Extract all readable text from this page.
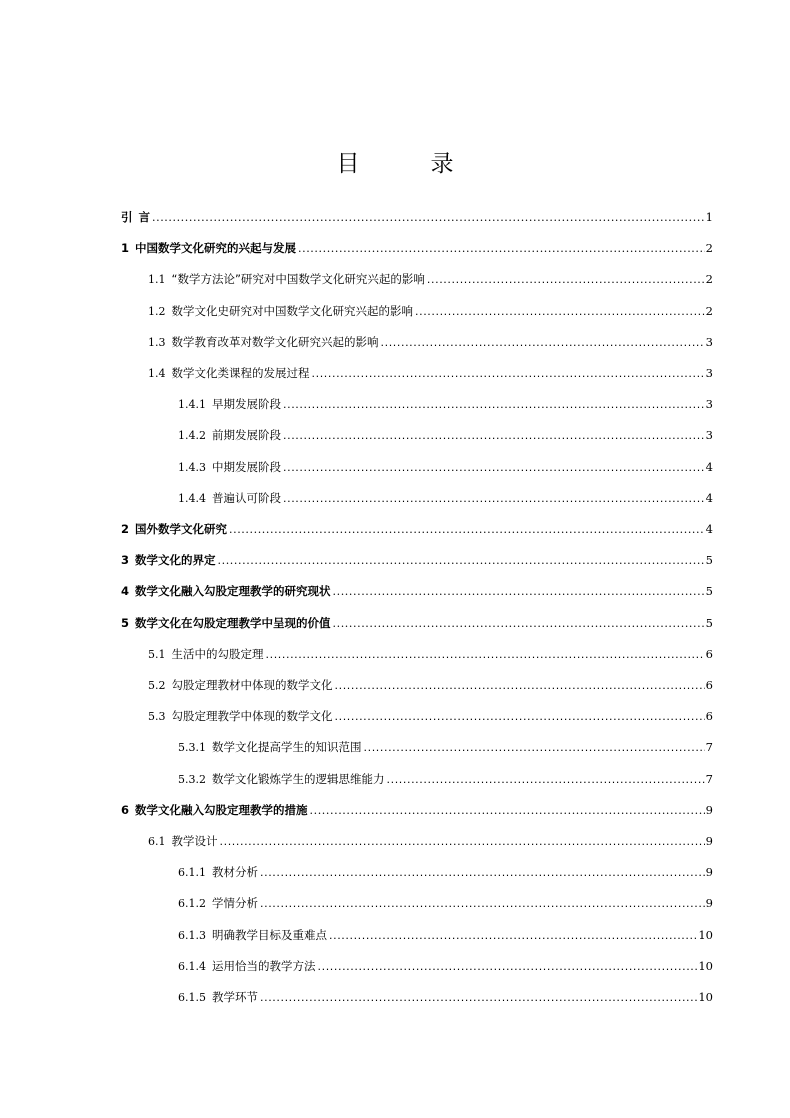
目　录
引 言 .....	1
1 中国数学文化研究的兴起与发展 .....	2
1.1 “数学方法论”研究对中国数学文化研究兴起的影响 .....	2
1.2 数学文化史研究对中国数学文化研究兴起的影响 .....	2
1.3 数学教育改革对数学文化研究兴起的影响 .....	3
1.4 数学文化类课程的发展过程 .....	3
1.4.1 早期发展阶段 .....	3
1.4.2 前期发展阶段 .....	3
1.4.3 中期发展阶段 .....	4
1.4.4 普遍认可阶段 .....	4
2 国外数学文化研究 .....	4
3 数学文化的界定 .....	5
4 数学文化融入勾股定理教学的研究现状 .....	5
5 数学文化在勾股定理教学中呈现的价值 .....	5
5.1 生活中的勾股定理 .....	6
5.2 勾股定理教材中体现的数学文化 .....	6
5.3 勾股定理教学中体现的数学文化 .....	6
5.3.1 数学文化提高学生的知识范围 .....	7
5.3.2 数学文化锻炼学生的逻辑思维能力 .....	7
6 数学文化融入勾股定理教学的措施 .....	9
6.1 教学设计 .....	9
6.1.1 教材分析 .....	9
6.1.2 学情分析 .....	9
6.1.3 明确教学目标及重难点 .....	10
6.1.4 运用恰当的教学方法 .....	10
6.1.5 教学环节 .....	10
